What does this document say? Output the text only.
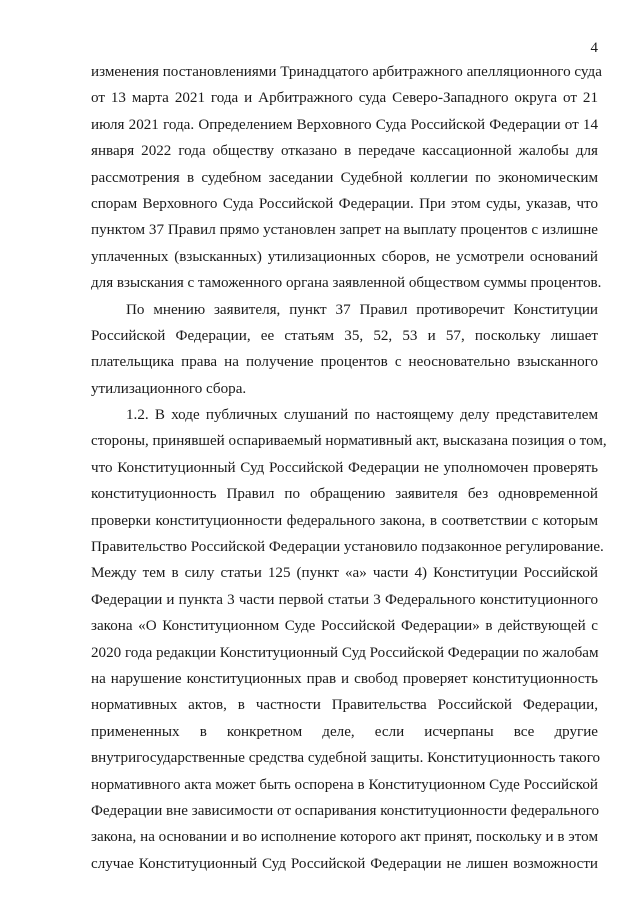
4
изменения постановлениями Тринадцатого арбитражного апелляционного суда
от 13 марта 2021 года и Арбитражного суда Северо-Западного округа от 21
июля 2021 года. Определением Верховного Суда Российской Федерации от 14
января 2022 года обществу отказано в передаче кассационной жалобы для
рассмотрения в судебном заседании Судебной коллегии по экономическим
спорам Верховного Суда Российской Федерации. При этом суды, указав, что
пунктом 37 Правил прямо установлен запрет на выплату процентов с излишне
уплаченных (взысканных) утилизационных сборов, не усмотрели оснований
для взыскания с таможенного органа заявленной обществом суммы процентов.
По мнению заявителя, пункт 37 Правил противоречит Конституции
Российской Федерации, ее статьям 35, 52, 53 и 57, поскольку лишает
плательщика права на получение процентов с неосновательно взысканного
утилизационного сбора.
1.2. В ходе публичных слушаний по настоящему делу представителем
стороны, принявшей оспариваемый нормативный акт, высказана позиция о том,
что Конституционный Суд Российской Федерации не уполномочен проверять
конституционность Правил по обращению заявителя без одновременной
проверки конституционности федерального закона, в соответствии с которым
Правительство Российской Федерации установило подзаконное регулирование.
Между тем в силу статьи 125 (пункт «а» части 4) Конституции Российской
Федерации и пункта 3 части первой статьи 3 Федерального конституционного
закона «О Конституционном Суде Российской Федерации» в действующей с
2020 года редакции Конституционный Суд Российской Федерации по жалобам
на нарушение конституционных прав и свобод проверяет конституционность
нормативных актов, в частности Правительства Российской Федерации,
примененных в конкретном деле, если исчерпаны все другие
внутригосударственные средства судебной защиты. Конституционность такого
нормативного акта может быть оспорена в Конституционном Суде Российской
Федерации вне зависимости от оспаривания конституционности федерального
закона, на основании и во исполнение которого акт принят, поскольку и в этом
случае Конституционный Суд Российской Федерации не лишен возможности
